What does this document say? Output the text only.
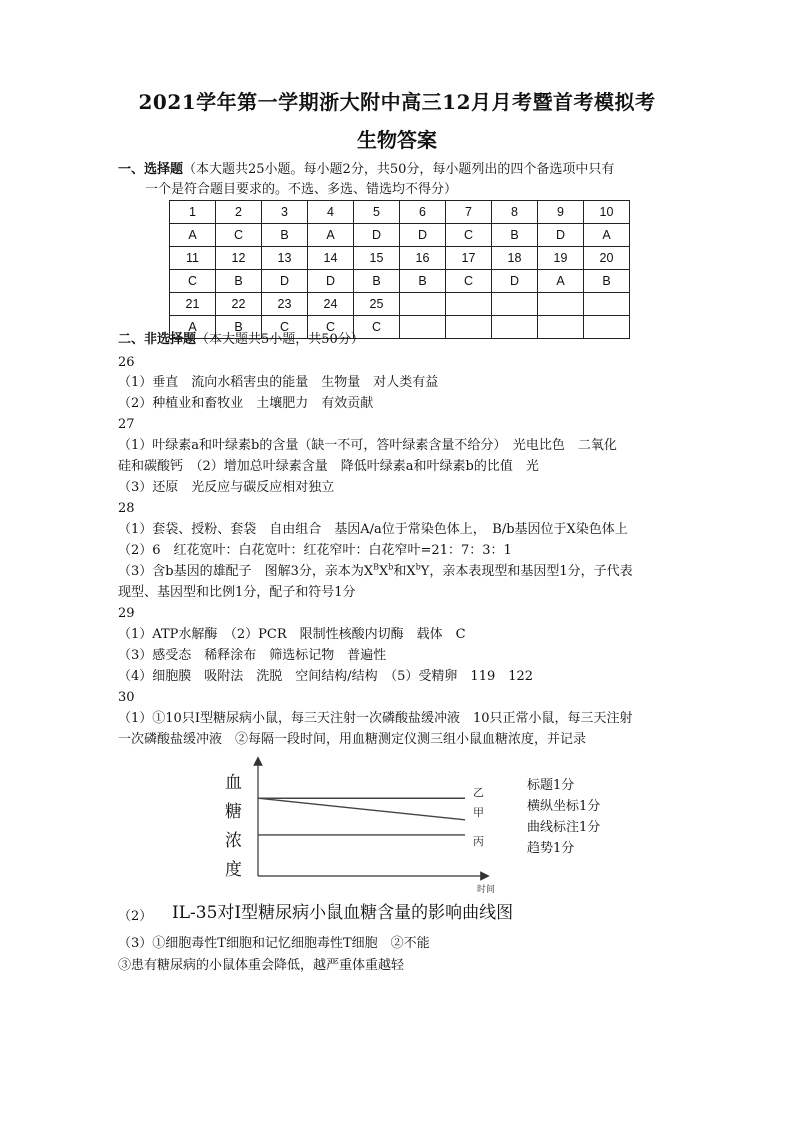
2021学年第一学期浙大附中高三12月月考暨首考模拟考
生物答案
一、选择题（本大题共25小题。每小题2分，共50分，每小题列出的四个备选项中只有
一个是符合题目要求的。不选、多选、错选均不得分）
1	2	3	4	5	6	7	8	9	10
A	C	B	A	D	D	C	B	D	A
11	12	13	14	15	16	17	18	19	20
C	B	D	D	B	B	C	D	A	B
21	22	23	24	25					
A	B	C	C	C					
二、非选择题（本大题共5小题，共50分）
26
（1）垂直　流向水稻害虫的能量　生物量　对人类有益
（2）种植业和畜牧业　土壤肥力　有效贡献
27
（1）叶绿素a和叶绿素b的含量（缺一不可，答叶绿素含量不给分）　光电比色　二氧化
硅和碳酸钙　（2）增加总叶绿素含量　降低叶绿素a和叶绿素b的比值　光
（3）还原　光反应与碳反应相对独立
28
（1）套袋、授粉、套袋　自由组合　基因A/a位于常染色体上，　B/b基因位于X染色体上
（2）6　红花宽叶：白花宽叶：红花窄叶：白花窄叶=21：7：3：1
（3）含b基因的雄配子　图解3分，亲本为$X^BX^b$和$X^bY$，亲本表现型和基因型1分，子代表
现型、基因型和比例1分，配子和符号1分
29
（1）ATP水解酶　（2）PCR　限制性核酸内切酶　载体　C
（3）感受态　稀释涂布　筛选标记物　普遍性
（4）细胞膜　吸附法　洗脱　空间结构/结构　（5）受精卵　119　122
30
（1）①10只Ⅰ型糖尿病小鼠，每三天注射一次磷酸盐缓冲液　10只正常小鼠，每三天注射
一次磷酸盐缓冲液　②每隔一段时间，用血糖测定仪测三组小鼠血糖浓度，并记录
血
糖
浓
度
乙
甲
丙
时间
IL-35对Ⅰ型糖尿病小鼠血糖含量的影响曲线图
（2）
标题1分
横纵坐标1分
曲线标注1分
趋势1分
（3）①细胞毒性T细胞和记忆细胞毒性T细胞　②不能
③患有糖尿病的小鼠体重会降低，越严重体重越轻
